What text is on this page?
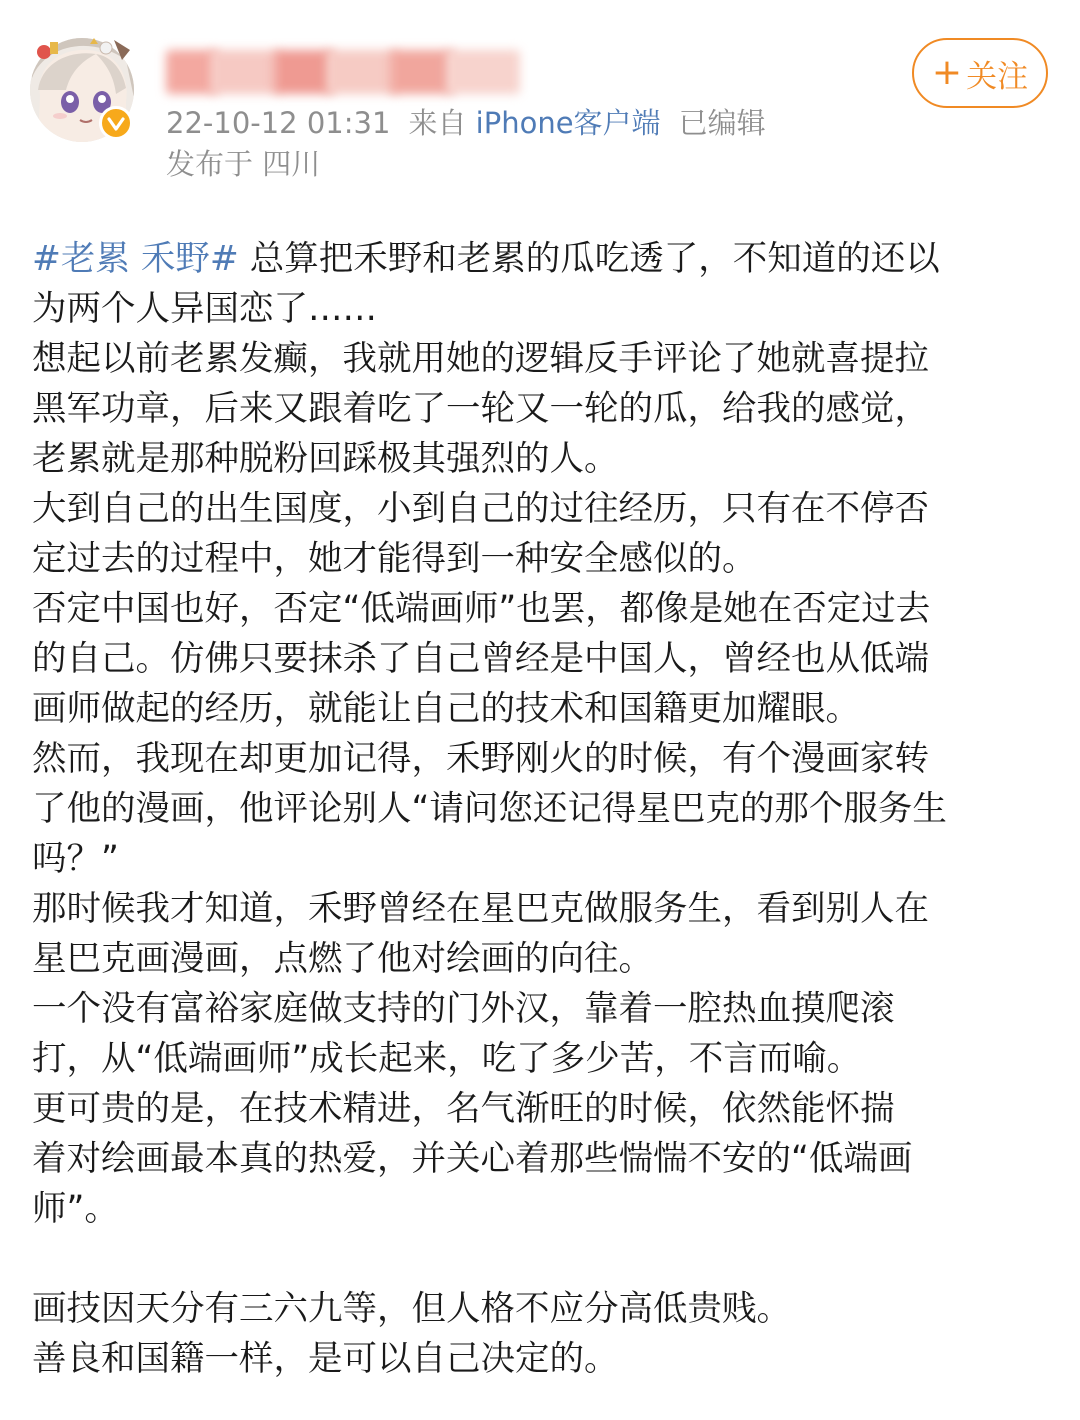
22-10-12 01:31 来自 iPhone客户端 已编辑
发布于 四川
+ 关注
#老累 禾野# 总算把禾野和老累的瓜吃透了，不知道的还以
为两个人异国恋了……
想起以前老累发癫，我就用她的逻辑反手评论了她就喜提拉
黑军功章，后来又跟着吃了一轮又一轮的瓜，给我的感觉，
老累就是那种脱粉回踩极其强烈的人。
大到自己的出生国度，小到自己的过往经历，只有在不停否
定过去的过程中，她才能得到一种安全感似的。
否定中国也好，否定“低端画师”也罢，都像是她在否定过去
的自己。仿佛只要抹杀了自己曾经是中国人，曾经也从低端
画师做起的经历，就能让自己的技术和国籍更加耀眼。
然而，我现在却更加记得，禾野刚火的时候，有个漫画家转
了他的漫画，他评论别人“请问您还记得星巴克的那个服务生
吗？”
那时候我才知道，禾野曾经在星巴克做服务生，看到别人在
星巴克画漫画，点燃了他对绘画的向往。
一个没有富裕家庭做支持的门外汉，靠着一腔热血摸爬滚
打，从“低端画师”成长起来，吃了多少苦，不言而喻。
更可贵的是，在技术精进，名气渐旺的时候，依然能怀揣
着对绘画最本真的热爱，并关心着那些惴惴不安的“低端画
师”。
画技因天分有三六九等，但人格不应分高低贵贱。
善良和国籍一样，是可以自己决定的。
